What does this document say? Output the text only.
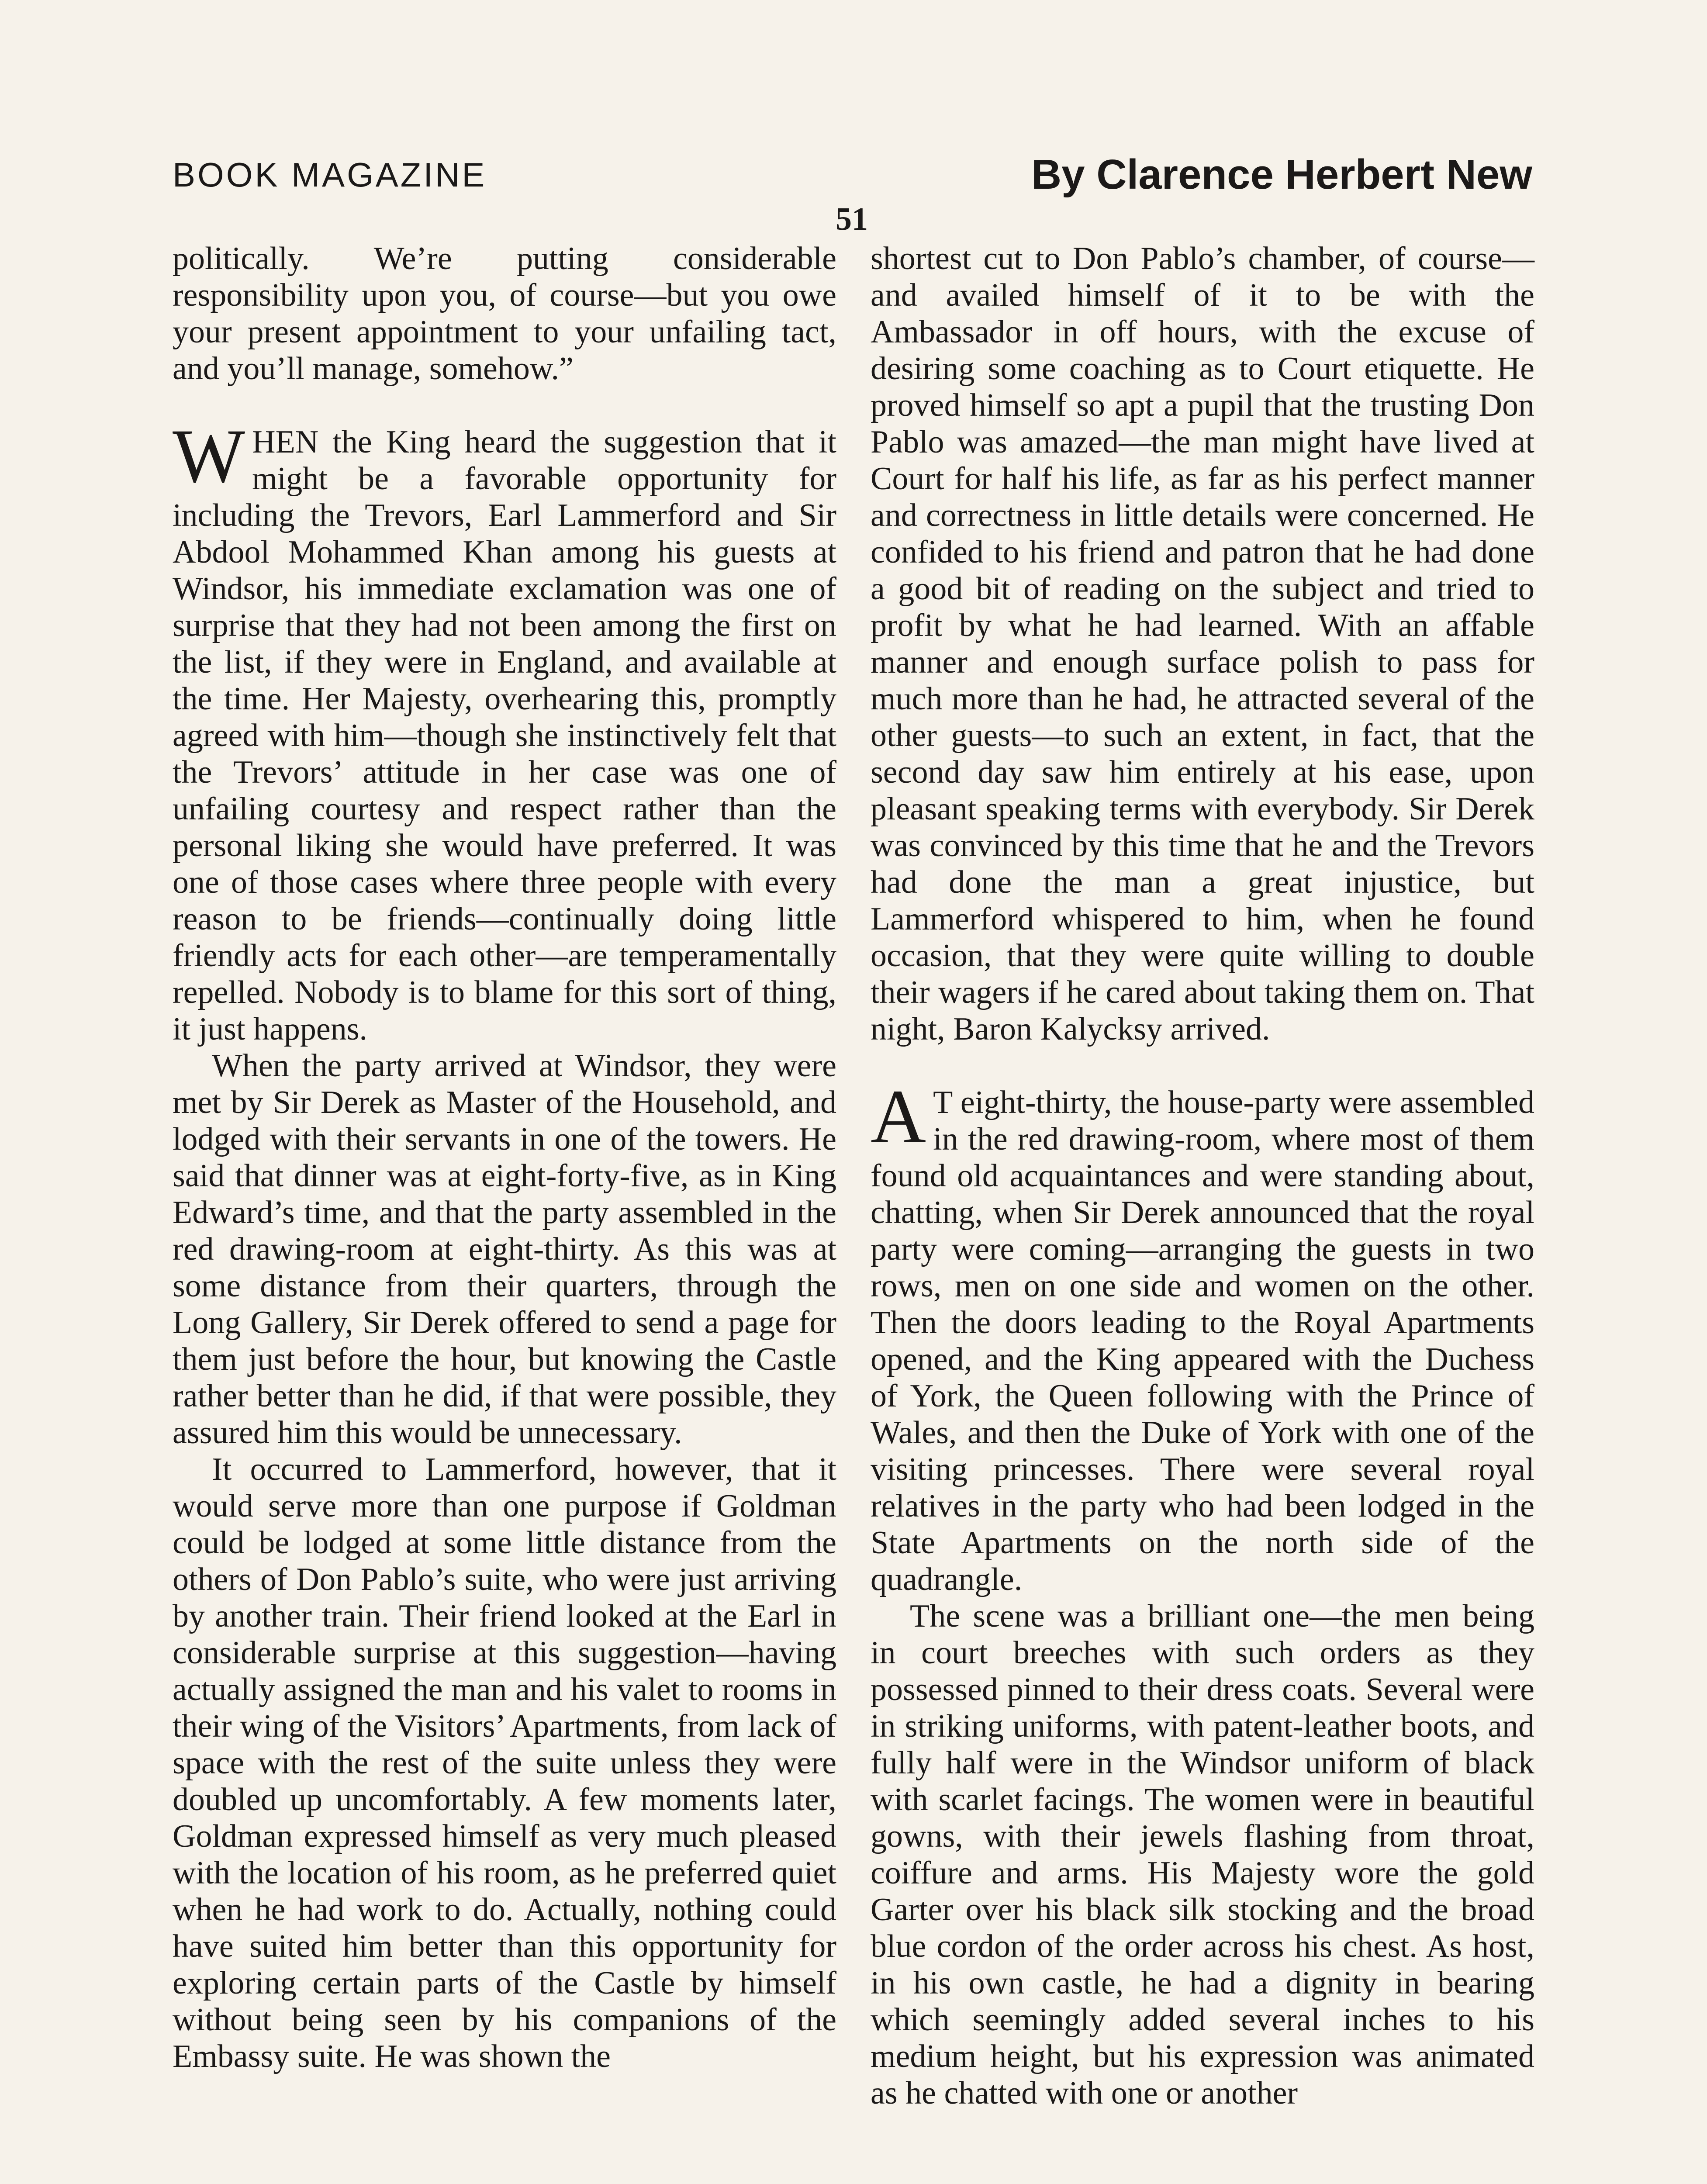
BOOK MAGAZINE	By Clarence Herbert New
51

politically. We’re putting considerable responsibility upon you, of course—but you owe your present appointment to your unfailing tact, and you’ll manage, somehow.”

WHEN the King heard the suggestion that it might be a favorable opportunity for including the Trevors, Earl Lammerford and Sir Abdool Mohammed Khan among his guests at Windsor, his immediate exclamation was one of surprise that they had not been among the first on the list, if they were in England, and available at the time. Her Majesty, overhearing this, promptly agreed with him—though she instinctively felt that the Trevors’ attitude in her case was one of unfailing courtesy and respect rather than the personal liking she would have preferred. It was one of those cases where three people with every reason to be friends—continually doing little friendly acts for each other—are temperamentally repelled. Nobody is to blame for this sort of thing, it just happens.

When the party arrived at Windsor, they were met by Sir Derek as Master of the Household, and lodged with their servants in one of the towers. He said that dinner was at eight-forty-five, as in King Edward’s time, and that the party assembled in the red drawing-room at eight-thirty. As this was at some distance from their quarters, through the Long Gallery, Sir Derek offered to send a page for them just before the hour, but knowing the Castle rather better than he did, if that were possible, they assured him this would be unnecessary.

It occurred to Lammerford, however, that it would serve more than one purpose if Goldman could be lodged at some little distance from the others of Don Pablo’s suite, who were just arriving by another train. Their friend looked at the Earl in considerable surprise at this suggestion—having actually assigned the man and his valet to rooms in their wing of the Visitors’ Apartments, from lack of space with the rest of the suite unless they were doubled up uncomfortably. A few moments later, Goldman expressed himself as very much pleased with the location of his room, as he preferred quiet when he had work to do. Actually, nothing could have suited him better than this opportunity for exploring certain parts of the Castle by himself without being seen by his companions of the Embassy suite. He was shown the

shortest cut to Don Pablo’s chamber, of course—and availed himself of it to be with the Ambassador in off hours, with the excuse of desiring some coaching as to Court etiquette. He proved himself so apt a pupil that the trusting Don Pablo was amazed—the man might have lived at Court for half his life, as far as his perfect manner and correctness in little details were concerned. He confided to his friend and patron that he had done a good bit of reading on the subject and tried to profit by what he had learned. With an affable manner and enough surface polish to pass for much more than he had, he attracted several of the other guests—to such an extent, in fact, that the second day saw him entirely at his ease, upon pleasant speaking terms with everybody. Sir Derek was convinced by this time that he and the Trevors had done the man a great injustice, but Lammerford whispered to him, when he found occasion, that they were quite willing to double their wagers if he cared about taking them on. That night, Baron Kalycksy arrived.

A T eight-thirty, the house-party were assembled in the red drawing-room, where most of them found old acquaintances and were standing about, chatting, when Sir Derek announced that the royal party were coming—arranging the guests in two rows, men on one side and women on the other. Then the doors leading to the Royal Apartments opened, and the King appeared with the Duchess of York, the Queen following with the Prince of Wales, and then the Duke of York with one of the visiting princesses. There were several royal relatives in the party who had been lodged in the State Apartments on the north side of the quadrangle.

The scene was a brilliant one—the men being in court breeches with such orders as they possessed pinned to their dress coats. Several were in striking uniforms, with patent-leather boots, and fully half were in the Windsor uniform of black with scarlet facings. The women were in beautiful gowns, with their jewels flashing from throat, coiffure and arms. His Majesty wore the gold Garter over his black silk stocking and the broad blue cordon of the order across his chest. As host, in his own castle, he had a dignity in bearing which seemingly added several inches to his medium height, but his expression was animated as he chatted with one or another
